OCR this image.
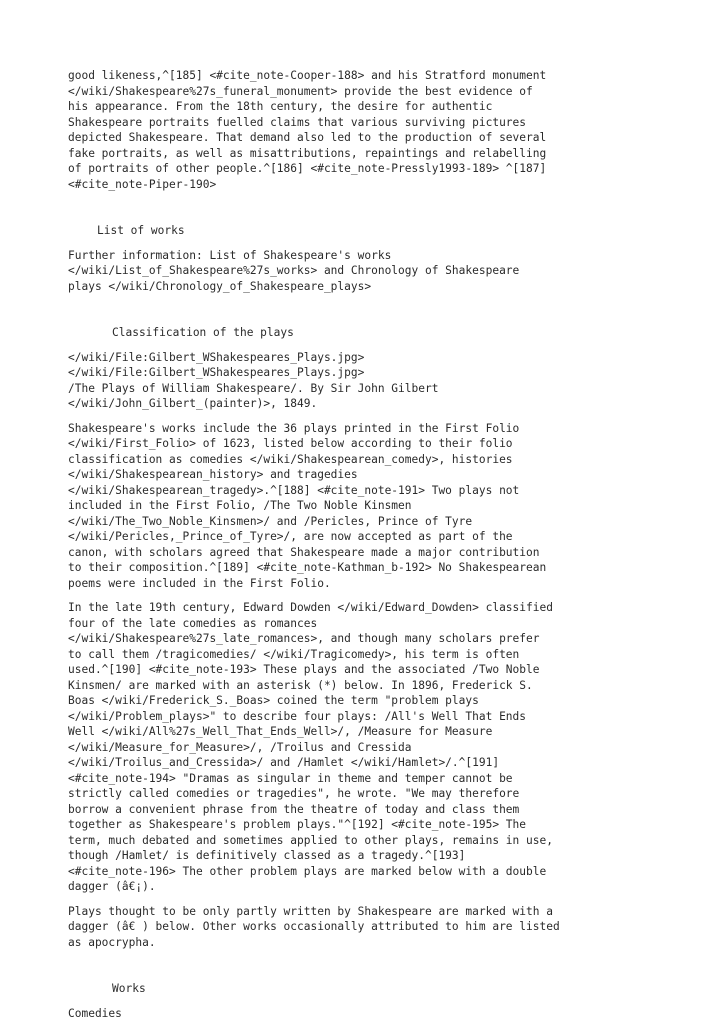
good likeness,^[185] <#cite_note-Cooper-188> and his Stratford monument
</wiki/Shakespeare%27s_funeral_monument> provide the best evidence of
his appearance. From the 18th century, the desire for authentic
Shakespeare portraits fuelled claims that various surviving pictures
depicted Shakespeare. That demand also led to the production of several
fake portraits, as well as misattributions, repaintings and relabelling
of portraits of other people.^[186] <#cite_note-Pressly1993-189> ^[187]
<#cite_note-Piper-190>
List of works
Further information: List of Shakespeare's works
</wiki/List_of_Shakespeare%27s_works> and Chronology of Shakespeare
plays </wiki/Chronology_of_Shakespeare_plays>
Classification of the plays
</wiki/File:Gilbert_WShakespeares_Plays.jpg>
</wiki/File:Gilbert_WShakespeares_Plays.jpg>
/The Plays of William Shakespeare/. By Sir John Gilbert
</wiki/John_Gilbert_(painter)>, 1849.
Shakespeare's works include the 36 plays printed in the First Folio
</wiki/First_Folio> of 1623, listed below according to their folio
classification as comedies </wiki/Shakespearean_comedy>, histories
</wiki/Shakespearean_history> and tragedies
</wiki/Shakespearean_tragedy>.^[188] <#cite_note-191> Two plays not
included in the First Folio, /The Two Noble Kinsmen
</wiki/The_Two_Noble_Kinsmen>/ and /Pericles, Prince of Tyre
</wiki/Pericles,_Prince_of_Tyre>/, are now accepted as part of the
canon, with scholars agreed that Shakespeare made a major contribution
to their composition.^[189] <#cite_note-Kathman_b-192> No Shakespearean
poems were included in the First Folio.
In the late 19th century, Edward Dowden </wiki/Edward_Dowden> classified
four of the late comedies as romances
</wiki/Shakespeare%27s_late_romances>, and though many scholars prefer
to call them /tragicomedies/ </wiki/Tragicomedy>, his term is often
used.^[190] <#cite_note-193> These plays and the associated /Two Noble
Kinsmen/ are marked with an asterisk (*) below. In 1896, Frederick S.
Boas </wiki/Frederick_S._Boas> coined the term "problem plays
</wiki/Problem_plays>" to describe four plays: /All's Well That Ends
Well </wiki/All%27s_Well_That_Ends_Well>/, /Measure for Measure
</wiki/Measure_for_Measure>/, /Troilus and Cressida
</wiki/Troilus_and_Cressida>/ and /Hamlet </wiki/Hamlet>/.^[191]
<#cite_note-194> "Dramas as singular in theme and temper cannot be
strictly called comedies or tragedies", he wrote. "We may therefore
borrow a convenient phrase from the theatre of today and class them
together as Shakespeare's problem plays."^[192] <#cite_note-195> The
term, much debated and sometimes applied to other plays, remains in use,
though /Hamlet/ is definitively classed as a tragedy.^[193]
<#cite_note-196> The other problem plays are marked below with a double
dagger (â€¡).
Plays thought to be only partly written by Shakespeare are marked with a
dagger (â€ ) below. Other works occasionally attributed to him are listed
as apocrypha.
Works
Comedies
